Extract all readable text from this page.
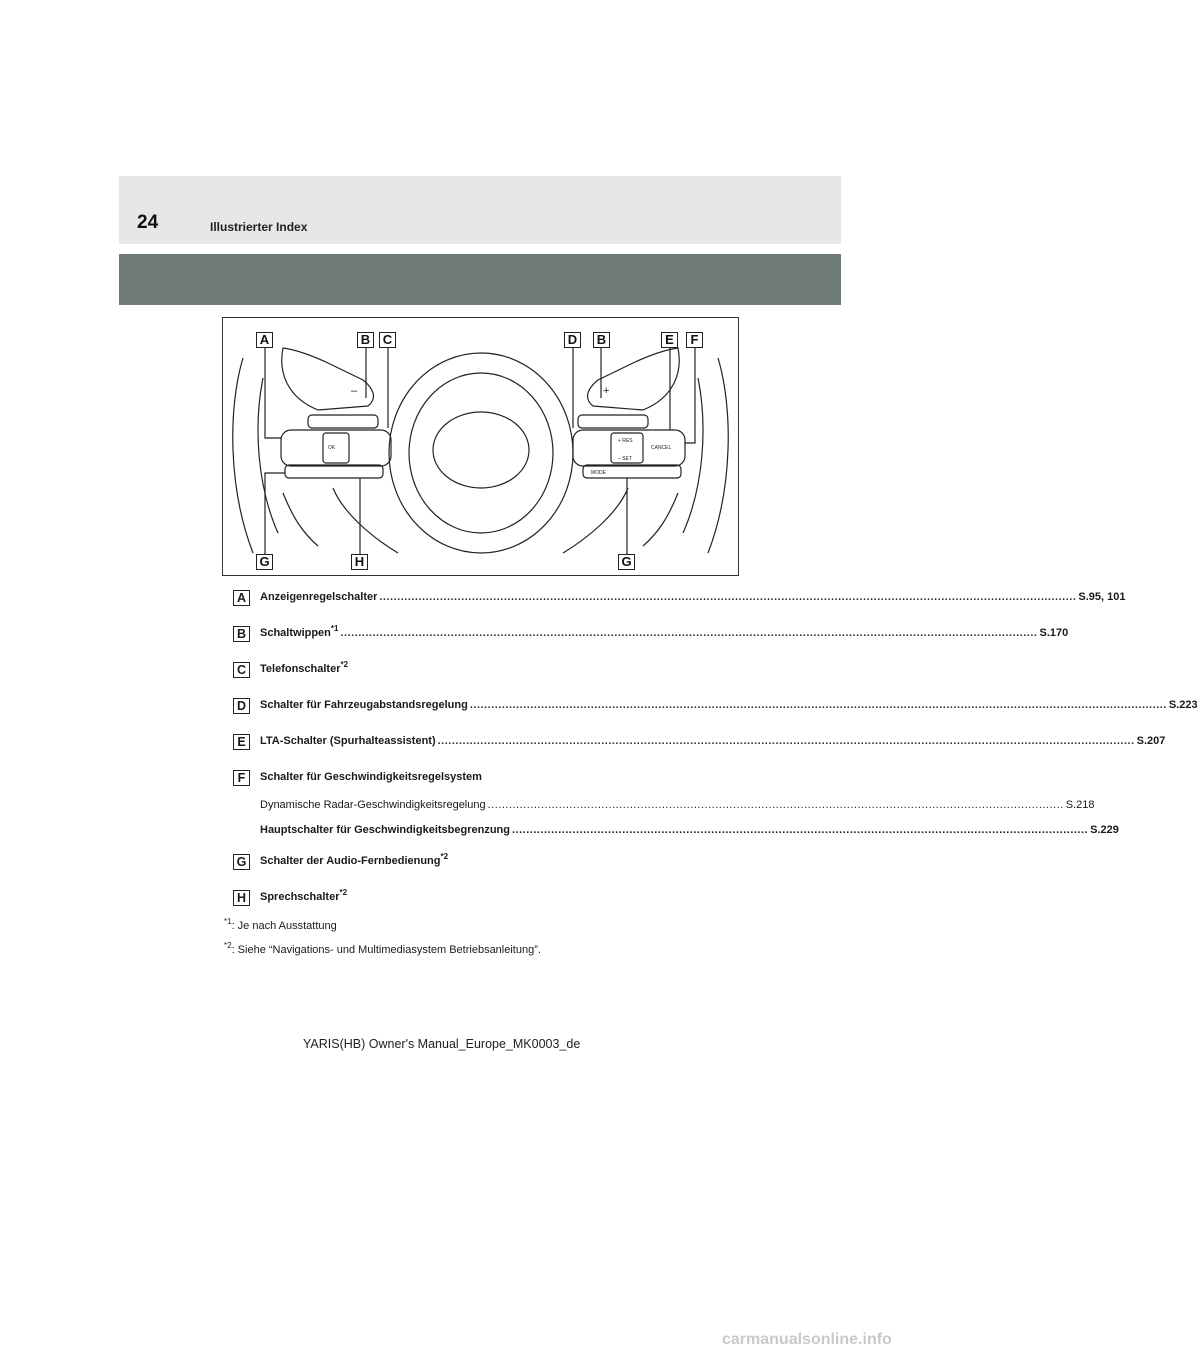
24	Illustrierter Index
OK	CANCEL
MODE
+ RES
– SET
–	+
A	B C	D B	E	F
G	H	G
A	Anzeigenregelschalter .....	S.95, 101
B	Schaltwippen$^{*1}$ .....	S.170
C	Telefonschalter$^{*2}$
D	Schalter für Fahrzeugabstandsregelung .....	S.223
E	LTA-Schalter (Spurhalteassistent) .....	S.207
F	Schalter für Geschwindigkeitsregelsystem
Dynamische Radar-Geschwindigkeitsregelung .................................................................................................................................................................. S.218
Hauptschalter für Geschwindigkeitsbegrenzung .................................................................................................................................................................. S.229
G	Schalter der Audio-Fernbedienung$^{*2}$
H	Sprechschalter$^{*2}$
$^{*1}$: Je nach Ausstattung
$^{*2}$: Siehe “Navigations- und Multimediasystem Betriebsanleitung”.
YARIS(HB) Owner's Manual_Europe_MK0003_de
carmanualsonline.info
